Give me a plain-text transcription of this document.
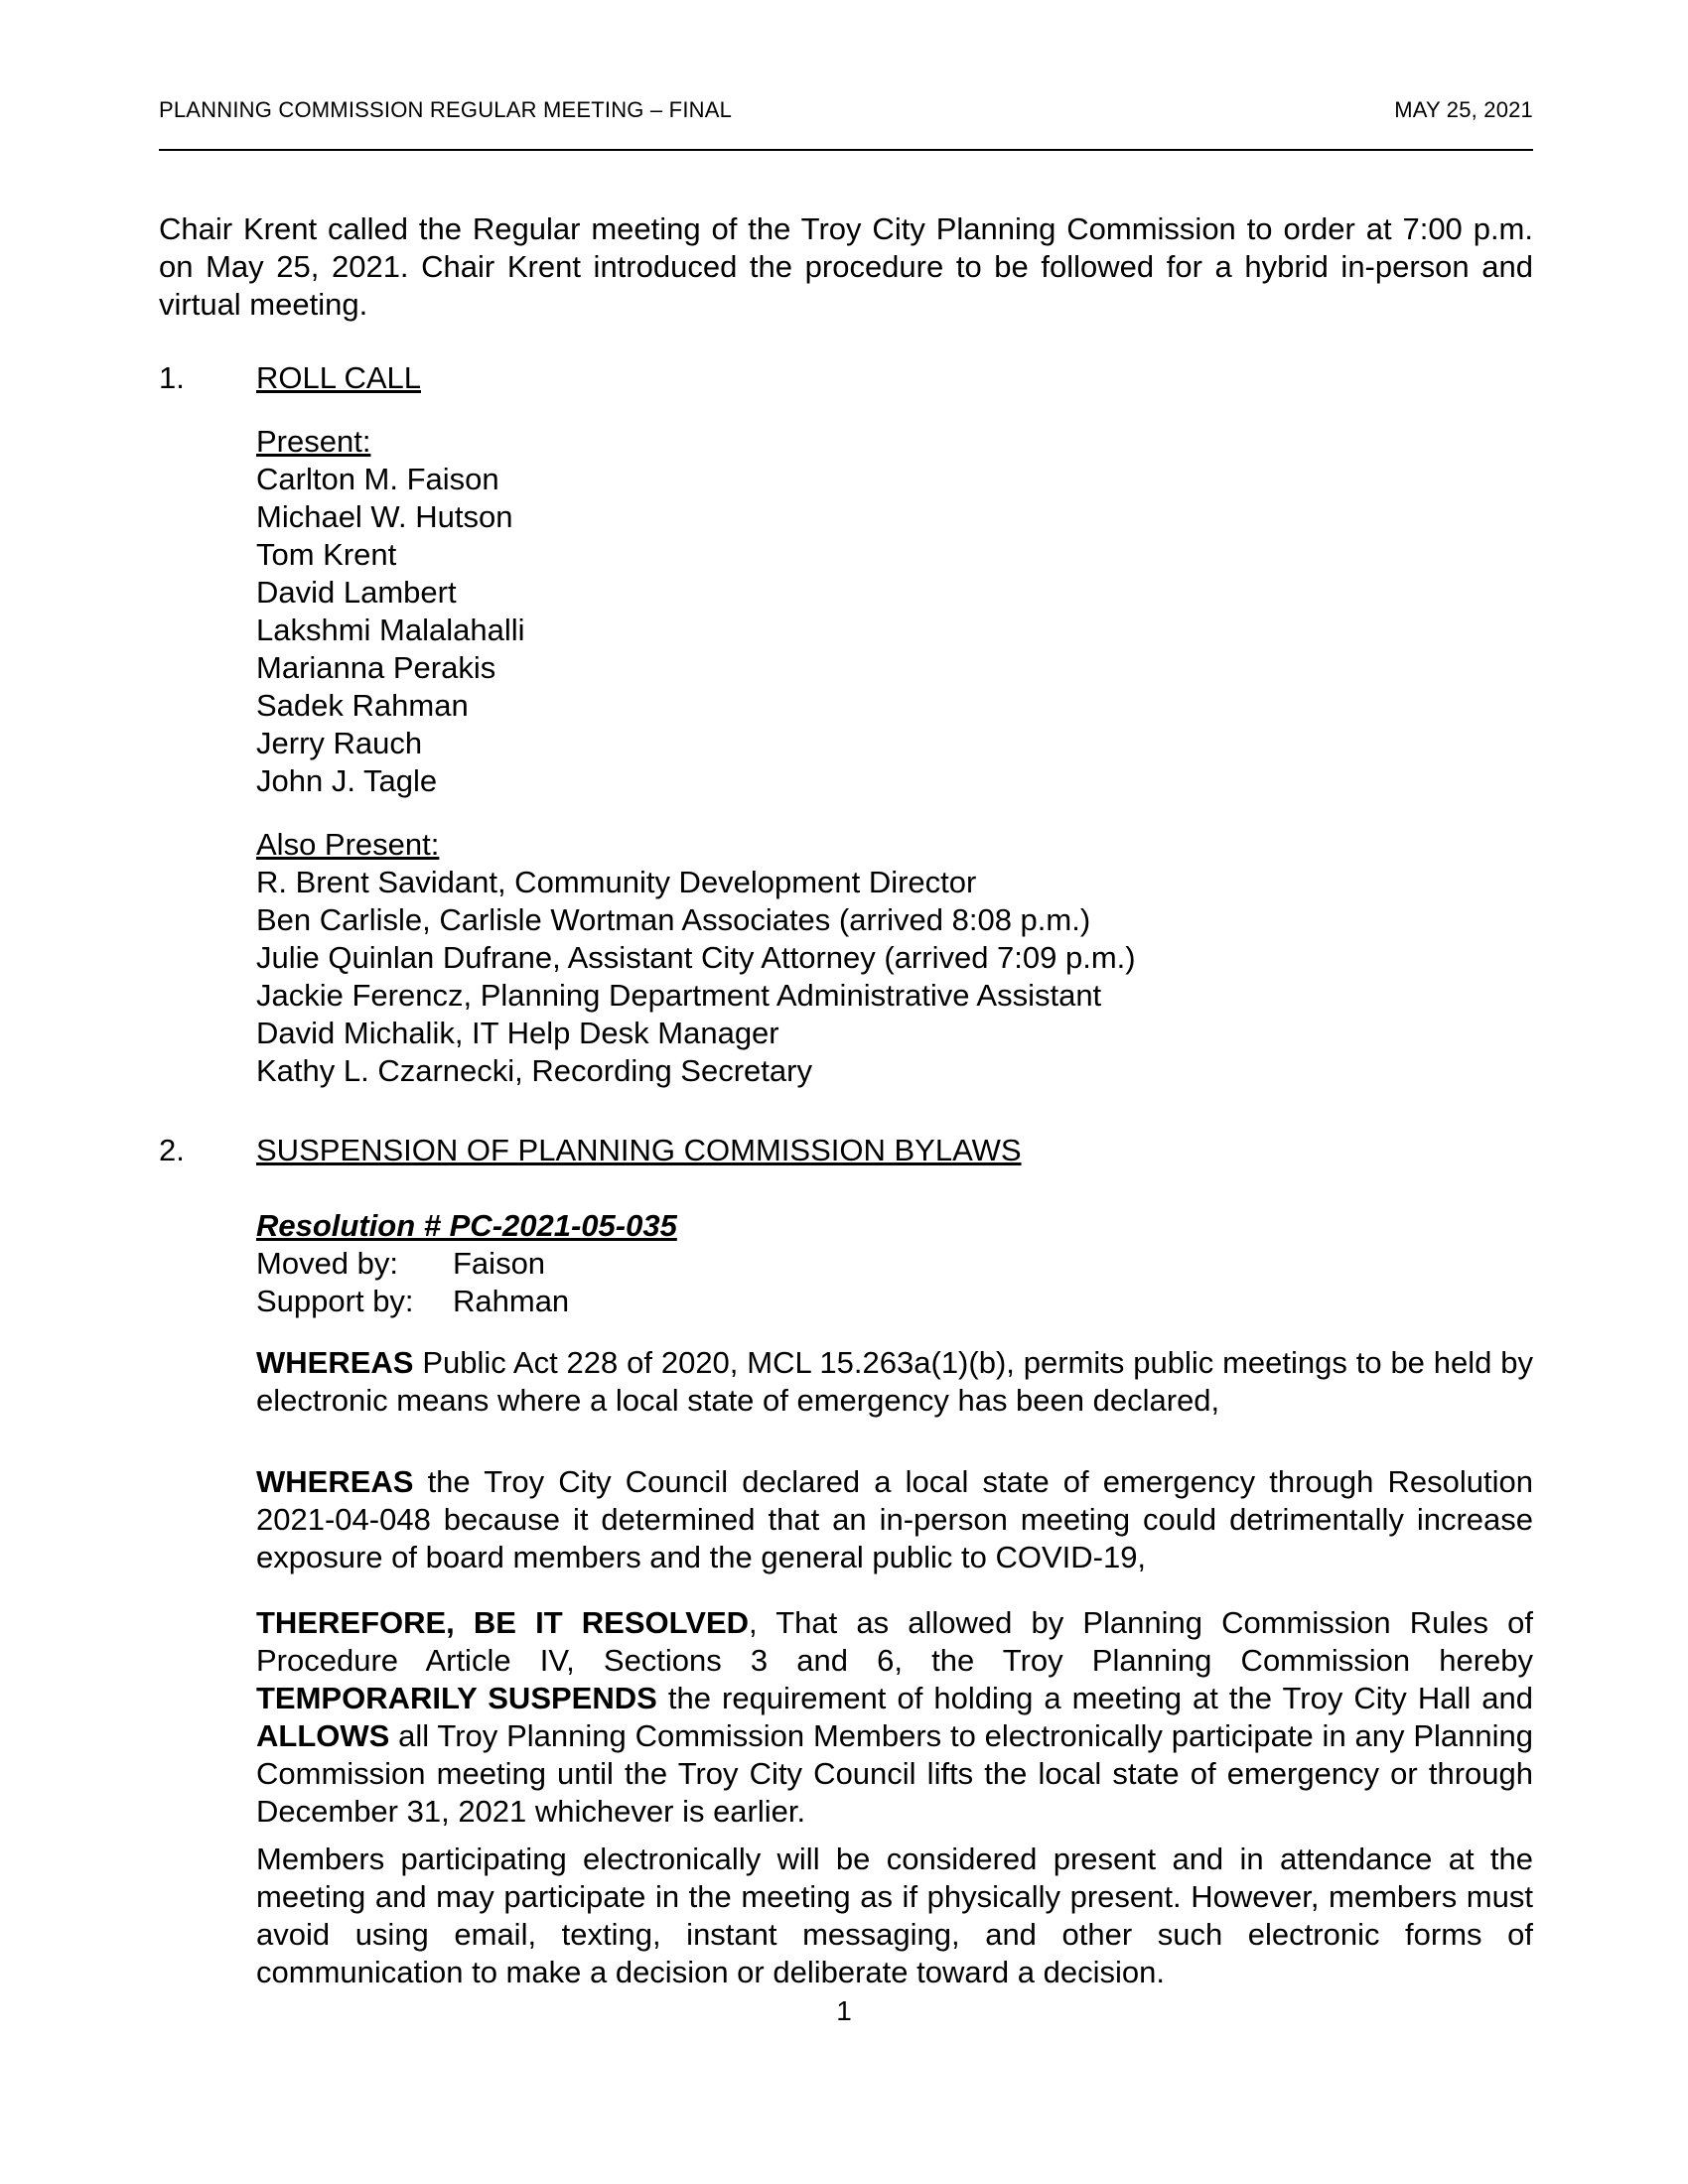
PLANNING COMMISSION REGULAR MEETING – FINAL	MAY 25, 2021
Chair Krent called the Regular meeting of the Troy City Planning Commission to order at 7:00 p.m. on May 25, 2021. Chair Krent introduced the procedure to be followed for a hybrid in-person and virtual meeting.
1. ROLL CALL
Present:
Carlton M. Faison
Michael W. Hutson
Tom Krent
David Lambert
Lakshmi Malalahalli
Marianna Perakis
Sadek Rahman
Jerry Rauch
John J. Tagle
Also Present:
R. Brent Savidant, Community Development Director
Ben Carlisle, Carlisle Wortman Associates (arrived 8:08 p.m.)
Julie Quinlan Dufrane, Assistant City Attorney (arrived 7:09 p.m.)
Jackie Ferencz, Planning Department Administrative Assistant
David Michalik, IT Help Desk Manager
Kathy L. Czarnecki, Recording Secretary
2. SUSPENSION OF PLANNING COMMISSION BYLAWS
Resolution # PC-2021-05-035
Moved by: Faison
Support by: Rahman
WHEREAS Public Act 228 of 2020, MCL 15.263a(1)(b), permits public meetings to be held by electronic means where a local state of emergency has been declared,
WHEREAS the Troy City Council declared a local state of emergency through Resolution 2021-04-048 because it determined that an in-person meeting could detrimentally increase exposure of board members and the general public to COVID-19,
THEREFORE, BE IT RESOLVED, That as allowed by Planning Commission Rules of Procedure Article IV, Sections 3 and 6, the Troy Planning Commission hereby TEMPORARILY SUSPENDS the requirement of holding a meeting at the Troy City Hall and ALLOWS all Troy Planning Commission Members to electronically participate in any Planning Commission meeting until the Troy City Council lifts the local state of emergency or through December 31, 2021 whichever is earlier.
Members participating electronically will be considered present and in attendance at the meeting and may participate in the meeting as if physically present. However, members must avoid using email, texting, instant messaging, and other such electronic forms of communication to make a decision or deliberate toward a decision.
1
